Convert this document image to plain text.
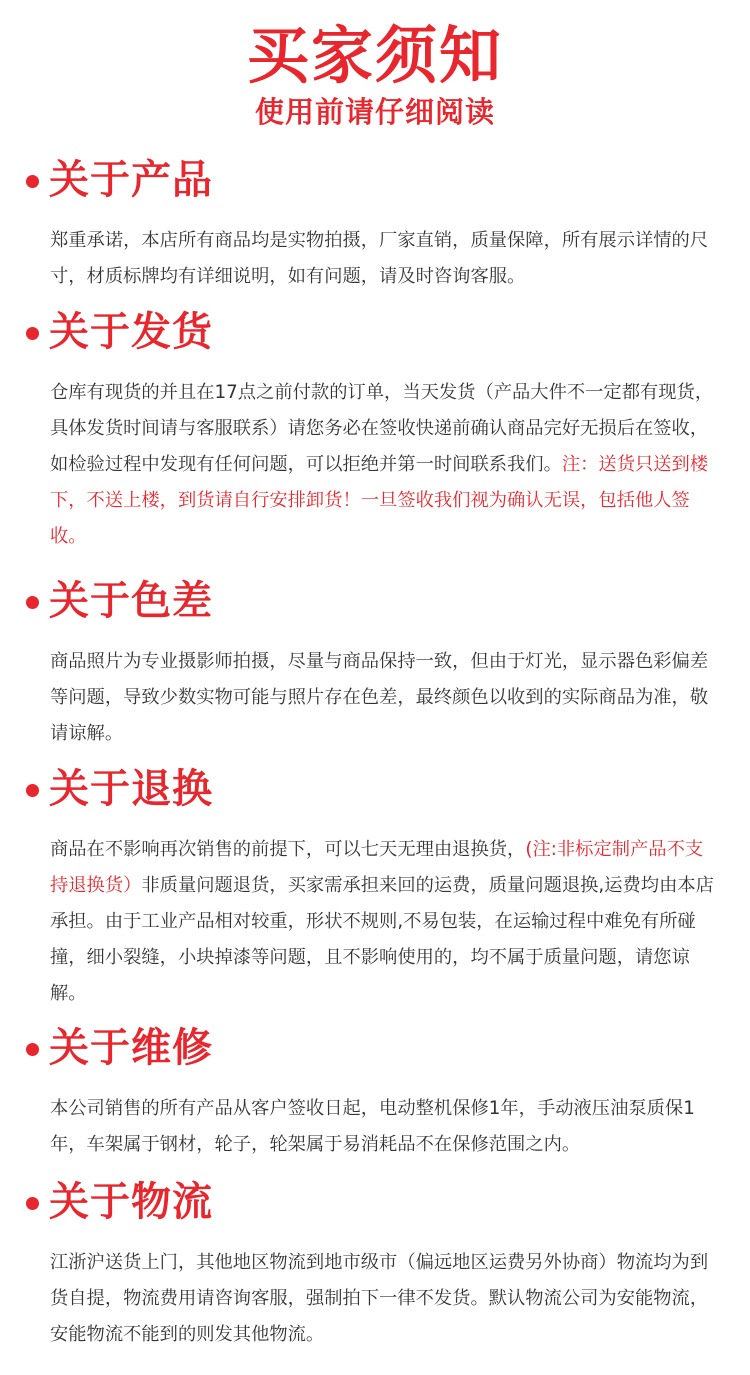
买家须知
使用前请仔细阅读
关于产品
郑重承诺，本店所有商品均是实物拍摄，厂家直销，质量保障，所有展示详情的尺寸，材质标牌均有详细说明，如有问题，请及时咨询客服。
关于发货
仓库有现货的并且在17点之前付款的订单，当天发货（产品大件不一定都有现货，具体发货时间请与客服联系）请您务必在签收快递前确认商品完好无损后在签收，如检验过程中发现有任何问题，可以拒绝并第一时间联系我们。注：送货只送到楼下，不送上楼，到货请自行安排卸货！一旦签收我们视为确认无误，包括他人签收。
关于色差
商品照片为专业摄影师拍摄，尽量与商品保持一致，但由于灯光，显示器色彩偏差等问题，导致少数实物可能与照片存在色差，最终颜色以收到的实际商品为准，敬请谅解。
关于退换
商品在不影响再次销售的前提下，可以七天无理由退换货，(注:非标定制产品不支持退换货）非质量问题退货，买家需承担来回的运费，质量问题退换,运费均由本店承担。由于工业产品相对较重，形状不规则,不易包装，在运输过程中难免有所碰撞，细小裂缝，小块掉漆等问题，且不影响使用的，均不属于质量问题，请您谅解。
关于维修
本公司销售的所有产品从客户签收日起，电动整机保修1年，手动液压油泵质保1年，车架属于钢材，轮子，轮架属于易消耗品不在保修范围之内。
关于物流
江浙沪送货上门，其他地区物流到地市级市（偏远地区运费另外协商）物流均为到货自提，物流费用请咨询客服，强制拍下一律不发货。默认物流公司为安能物流，安能物流不能到的则发其他物流。
